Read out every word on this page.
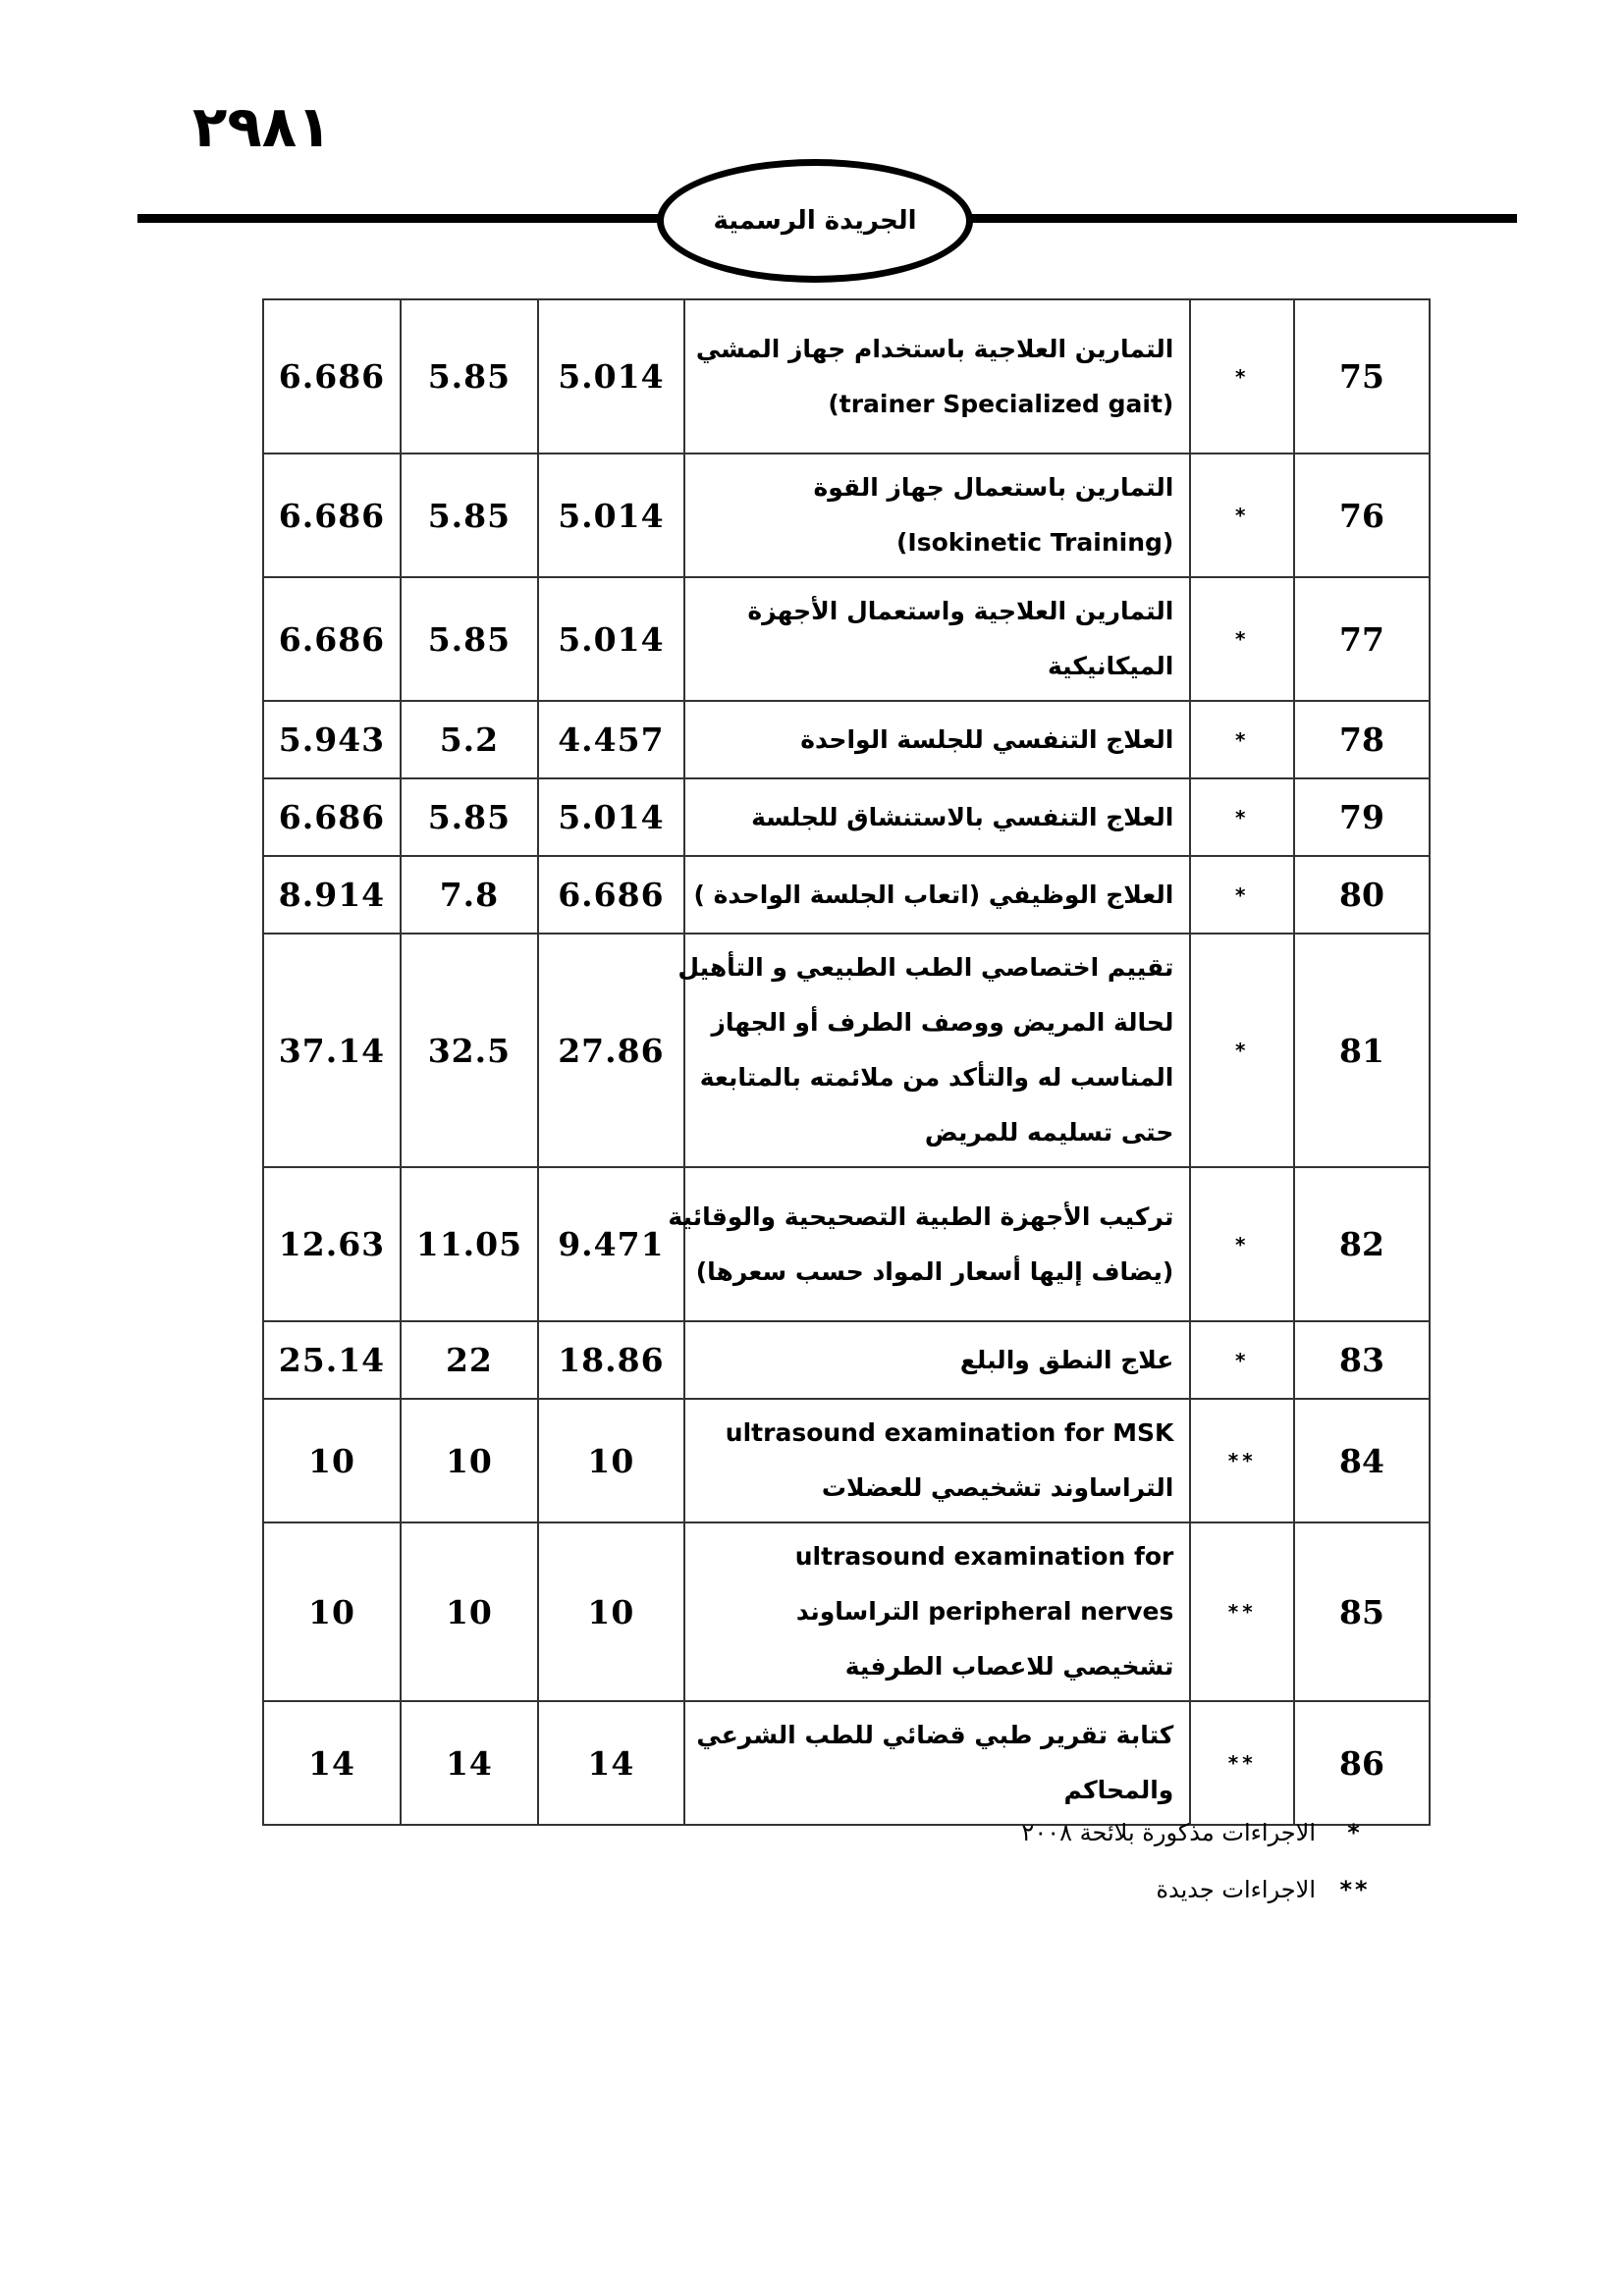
٢٩٨١
الجريدة الرسمية
6.686	5.85	5.014	التمارين العلاجية باستخدام جهاز المشي
(trainer Specialized gait)	*	75
6.686	5.85	5.014	التمارين باستعمال جهاز القوة
(Isokinetic Training)	*	76
6.686	5.85	5.014	التمارين العلاجية واستعمال الأجهزة
الميكانيكية	*	77
5.943	5.2	4.457	العلاج التنفسي للجلسة الواحدة	*	78
6.686	5.85	5.014	العلاج التنفسي بالاستنشاق للجلسة	*	79
8.914	7.8	6.686	العلاج الوظيفي (اتعاب الجلسة الواحدة )	*	80
37.14	32.5	27.86	تقييم اختصاصي الطب الطبيعي و التأهيل
لحالة المريض ووصف الطرف أو الجهاز
المناسب له والتأكد من ملائمته بالمتابعة
حتى تسليمه للمريض	*	81
12.63	11.05	9.471	تركيب الأجهزة الطبية التصحيحية والوقائية
(يضاف إليها أسعار المواد حسب سعرها)	*	82
25.14	22	18.86	علاج النطق والبلع	*	83
10	10	10	ultrasound examination for MSK
التراساوند تشخيصي للعضلات	**	84
10	10	10	ultrasound examination for
peripheral nerves التراساوند
تشخيصي للاعصاب الطرفية	**	85
14	14	14	كتابة تقرير طبي قضائي للطب الشرعي
والمحاكم	**	86
*
الاجراءات مذكورة بلائحة ٢٠٠٨
**
الاجراءات جديدة
